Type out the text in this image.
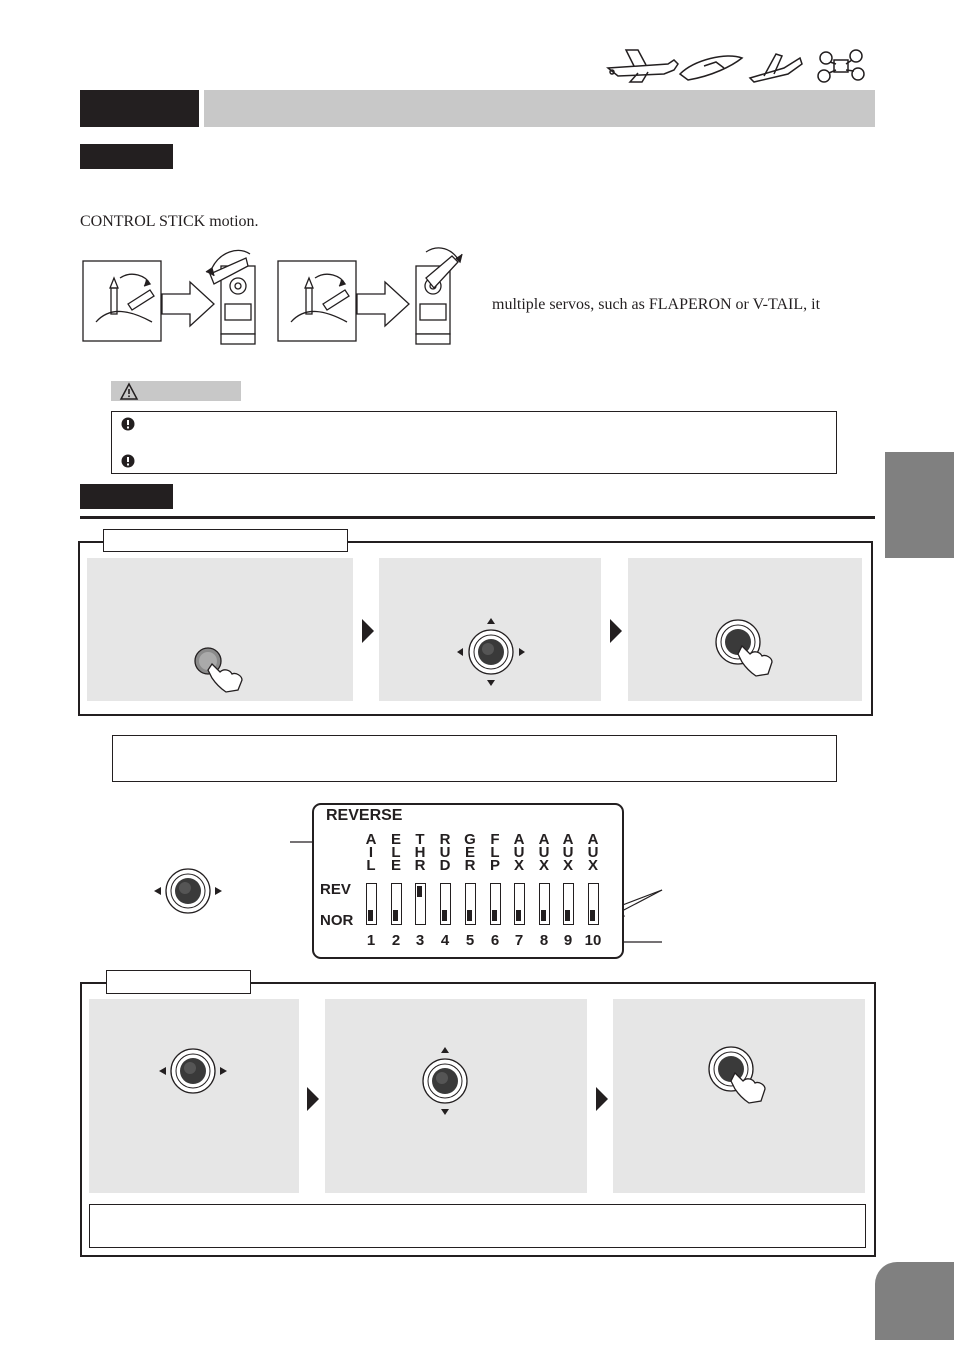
CONTROL STICK motion.
multiple servos, such as FLAPERON or V-TAIL, it
REVERSE
REV
NOR
A
I
L
1
E
L
E
2
T
H
R
3
R
U
D
4
G
E
R
5
F
L
P
6
A
U
X
7
A
U
X
8
A
U
X
9
A
U
X
10
